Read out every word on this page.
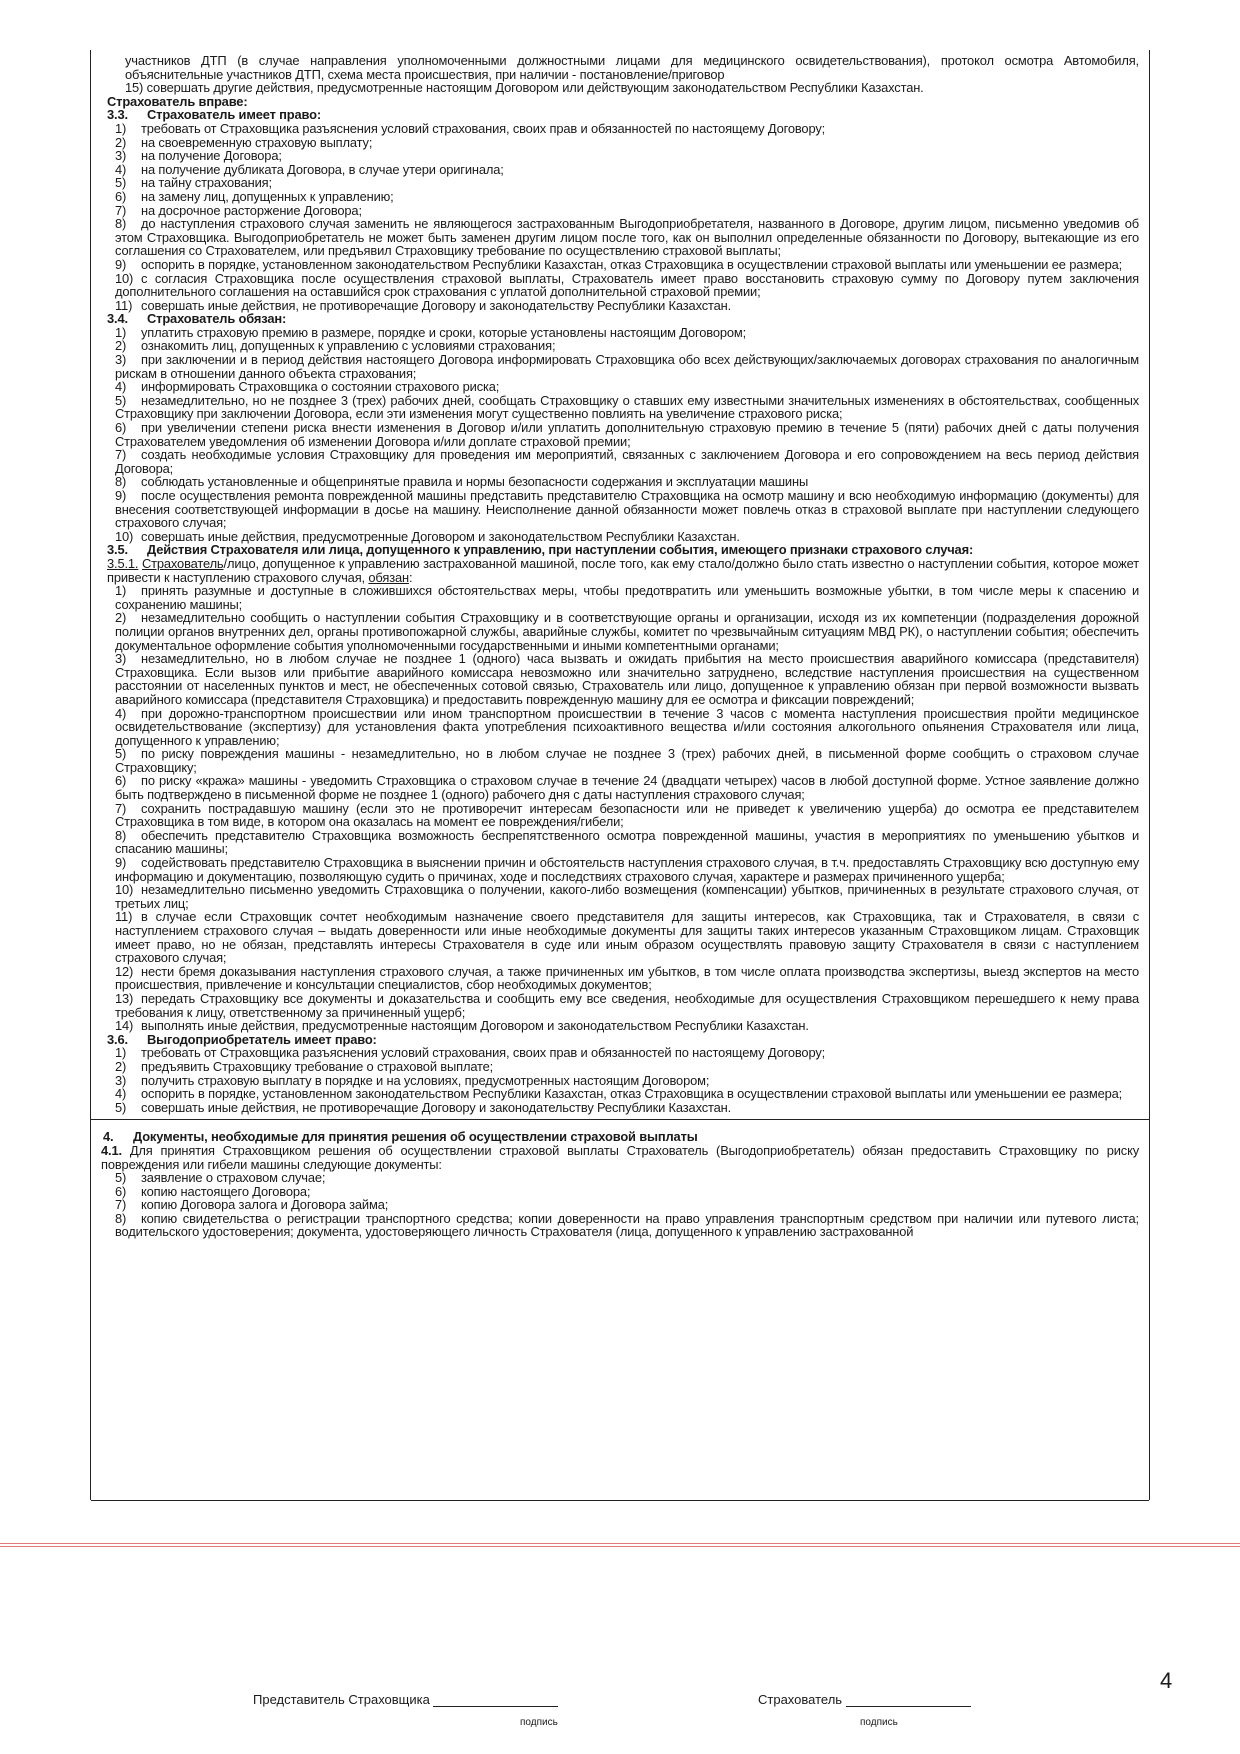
участников ДТП (в случае направления уполномоченными должностными лицами для медицинского освидетельствования), протокол осмотра Автомобиля, объяснительные участников ДТП, схема места происшествия, при наличии - постановление/приговор

15) совершать другие действия, предусмотренные настоящим Договором или действующим законодательством Республики Казахстан.

Страхователь вправе:

3.3. Страхователь имеет право:

1) требовать от Страховщика разъяснения условий страхования, своих прав и обязанностей по настоящему Договору;
2) на своевременную страховую выплату;
3) на получение Договора;
4) на получение дубликата Договора, в случае утери оригинала;
5) на тайну страхования;
6) на замену лиц, допущенных к управлению;
7) на досрочное расторжение Договора;
8) до наступления страхового случая заменить не являющегося застрахованным Выгодоприобретателя, названного в Договоре, другим лицом, письменно уведомив об этом Страховщика. Выгодоприобретатель не может быть заменен другим лицом после того, как он выполнил определенные обязанности по Договору, вытекающие из его соглашения со Страхователем, или предъявил Страховщику требование по осуществлению страховой выплаты;
9) оспорить в порядке, установленном законодательством Республики Казахстан, отказ Страховщика в осуществлении страховой выплаты или уменьшении ее размера;
10) с согласия Страховщика после осуществления страховой выплаты, Страхователь имеет право восстановить страховую сумму по Договору путем заключения дополнительного соглашения на оставшийся срок страхования с уплатой дополнительной страховой премии;
11) совершать иные действия, не противоречащие Договору и законодательству Республики Казахстан.

3.4. Страхователь обязан:

1) уплатить страховую премию в размере, порядке и сроки, которые установлены настоящим Договором;
2) ознакомить лиц, допущенных к управлению с условиями страхования;
3) при заключении и в период действия настоящего Договора информировать Страховщика обо всех действующих/заключаемых договорах страхования по аналогичным рискам в отношении данного объекта страхования;
4) информировать Страховщика о состоянии страхового риска;
5) незамедлительно, но не позднее 3 (трех) рабочих дней, сообщать Страховщику о ставших ему известными значительных изменениях в обстоятельствах, сообщенных Страховщику при заключении Договора, если эти изменения могут существенно повлиять на увеличение страхового риска;
6) при увеличении степени риска внести изменения в Договор и/или уплатить дополнительную страховую премию в течение 5 (пяти) рабочих дней с даты получения Страхователем уведомления об изменении Договора и/или доплате страховой премии;
7) создать необходимые условия Страховщику для проведения им мероприятий, связанных с заключением Договора и его сопровождением на весь период действия Договора;
8) соблюдать установленные и общепринятые правила и нормы безопасности содержания и эксплуатации машины
9) после осуществления ремонта поврежденной машины представить представителю Страховщика на осмотр машину и всю необходимую информацию (документы) для внесения соответствующей информации в досье на машину. Неисполнение данной обязанности может повлечь отказ в страховой выплате при наступлении следующего страхового случая;
10) совершать иные действия, предусмотренные Договором и законодательством Республики Казахстан.

3.5. Действия Страхователя или лица, допущенного к управлению, при наступлении события, имеющего признаки страхового случая:

3.5.1. Страхователь/лицо, допущенное к управлению застрахованной машиной, после того, как ему стало/должно было стать известно о наступлении события, которое может привести к наступлению страхового случая, обязан:

1) принять разумные и доступные в сложившихся обстоятельствах меры, чтобы предотвратить или уменьшить возможные убытки, в том числе меры к спасению и сохранению машины;
2) незамедлительно сообщить о наступлении события Страховщику и в соответствующие органы и организации, исходя из их компетенции (подразделения дорожной полиции органов внутренних дел, органы противопожарной службы, аварийные службы, комитет по чрезвычайным ситуациям МВД РК), о наступлении события; обеспечить документальное оформление события уполномоченными государственными и иными компетентными органами;
3) незамедлительно, но в любом случае не позднее 1 (одного) часа вызвать и ожидать прибытия на место происшествия аварийного комиссара (представителя) Страховщика. Если вызов или прибытие аварийного комиссара невозможно или значительно затруднено, вследствие наступления происшествия на существенном расстоянии от населенных пунктов и мест, не обеспеченных сотовой связью, Страхователь или лицо, допущенное к управлению обязан при первой возможности вызвать аварийного комиссара (представителя Страховщика) и предоставить поврежденную машину для ее осмотра и фиксации повреждений;
4) при дорожно-транспортном происшествии или ином транспортном происшествии в течение 3 часов с момента наступления происшествия пройти медицинское освидетельствование (экспертизу) для установления факта употребления психоактивного вещества и/или состояния алкогольного опьянения Страхователя или лица, допущенного к управлению;
5) по риску повреждения машины - незамедлительно, но в любом случае не позднее 3 (трех) рабочих дней, в письменной форме сообщить о страховом случае Страховщику;
6) по риску «кража» машины - уведомить Страховщика о страховом случае в течение 24 (двадцати четырех) часов в любой доступной форме. Устное заявление должно быть подтверждено в письменной форме не позднее 1 (одного) рабочего дня с даты наступления страхового случая;
7) сохранить пострадавшую машину (если это не противоречит интересам безопасности или не приведет к увеличению ущерба) до осмотра ее представителем Страховщика в том виде, в котором она оказалась на момент ее повреждения/гибели;
8) обеспечить представителю Страховщика возможность беспрепятственного осмотра поврежденной машины, участия в мероприятиях по уменьшению убытков и спасанию машины;
9) содействовать представителю Страховщика в выяснении причин и обстоятельств наступления страхового случая, в т.ч. предоставлять Страховщику всю доступную ему информацию и документацию, позволяющую судить о причинах, ходе и последствиях страхового случая, характере и размерах причиненного ущерба;
10) незамедлительно письменно уведомить Страховщика о получении, какого-либо возмещения (компенсации) убытков, причиненных в результате страхового случая, от третьих лиц;
11) в случае если Страховщик сочтет необходимым назначение своего представителя для защиты интересов, как Страховщика, так и Страхователя, в связи с наступлением страхового случая – выдать доверенности или иные необходимые документы для защиты таких интересов указанным Страховщиком лицам. Страховщик имеет право, но не обязан, представлять интересы Страхователя в суде или иным образом осуществлять правовую защиту Страхователя в связи с наступлением страхового случая;
12) нести бремя доказывания наступления страхового случая, а также причиненных им убытков, в том числе оплата производства экспертизы, выезд экспертов на место происшествия, привлечение и консультации специалистов, сбор необходимых документов;
13) передать Страховщику все документы и доказательства и сообщить ему все сведения, необходимые для осуществления Страховщиком перешедшего к нему права требования к лицу, ответственному за причиненный ущерб;
14) выполнять иные действия, предусмотренные настоящим Договором и законодательством Республики Казахстан.

3.6. Выгодоприобретатель имеет право:

1) требовать от Страховщика разъяснения условий страхования, своих прав и обязанностей по настоящему Договору;
2) предъявить Страховщику требование о страховой выплате;
3) получить страховую выплату в порядке и на условиях, предусмотренных настоящим Договором;
4) оспорить в порядке, установленном законодательством Республики Казахстан, отказ Страховщика в осуществлении страховой выплаты или уменьшении ее размера;
5) совершать иные действия, не противоречащие Договору и законодательству Республики Казахстан.

4. Документы, необходимые для принятия решения об осуществлении страховой выплаты

4.1. Для принятия Страховщиком решения об осуществлении страховой выплаты Страхователь (Выгодоприобретатель) обязан предоставить Страховщику по риску повреждения или гибели машины следующие документы:

5) заявление о страховом случае;
6) копию настоящего Договора;
7) копию Договора залога и Договора займа;
8) копию свидетельства о регистрации транспортного средства; копии доверенности на право управления транспортным средством при наличии или путевого листа; водительского удостоверения; документа, удостоверяющего личность Страхователя (лица, допущенного к управлению застрахованной
4
Представитель Страховщика
подпись
Страхователь
подпись
